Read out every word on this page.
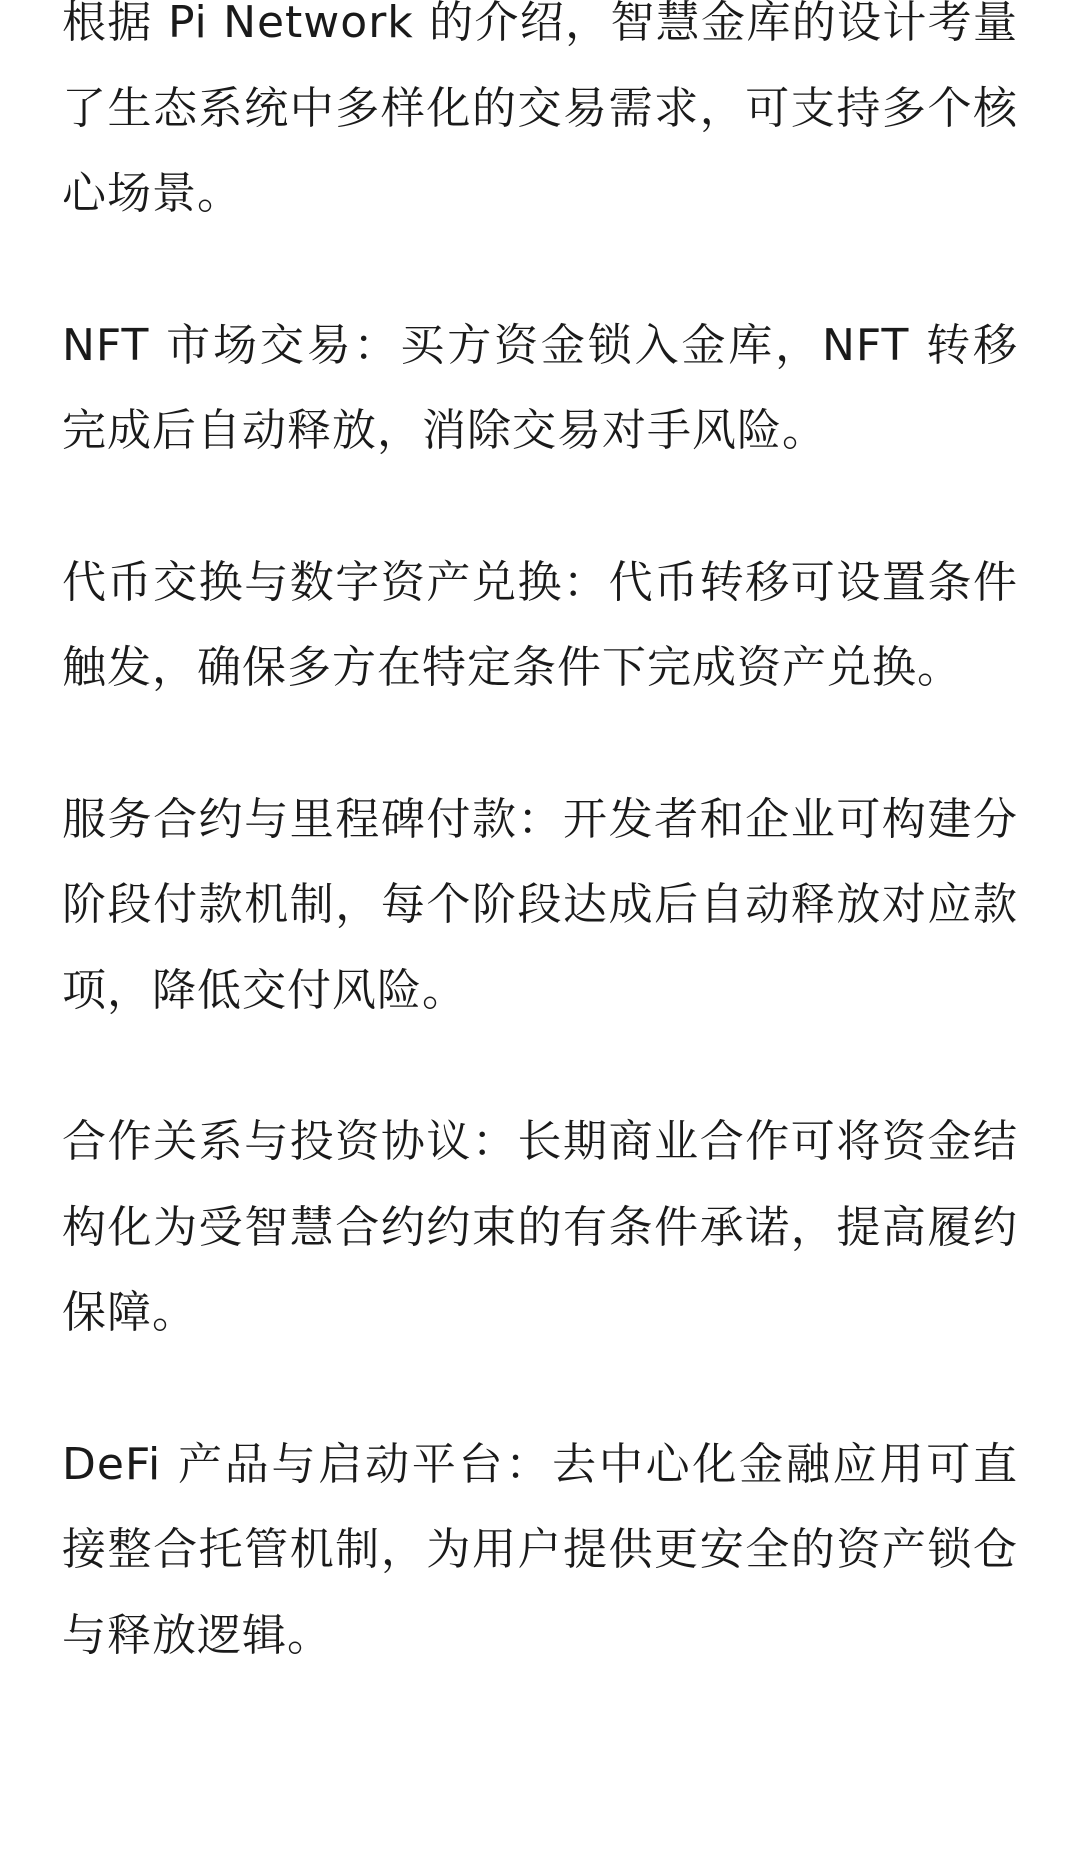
根据 Pi Network 的介绍，智慧金库的设计考量了生态系统中多样化的交易需求，可支持多个核心场景。

NFT 市场交易：买方资金锁入金库，NFT 转移完成后自动释放，消除交易对手风险。

代币交换与数字资产兑换：代币转移可设置条件触发，确保多方在特定条件下完成资产兑换。

服务合约与里程碑付款：开发者和企业可构建分阶段付款机制，每个阶段达成后自动释放对应款项，降低交付风险。

合作关系与投资协议：长期商业合作可将资金结构化为受智慧合约约束的有条件承诺，提高履约保障。

DeFi 产品与启动平台：去中心化金融应用可直接整合托管机制，为用户提供更安全的资产锁仓与释放逻辑。
